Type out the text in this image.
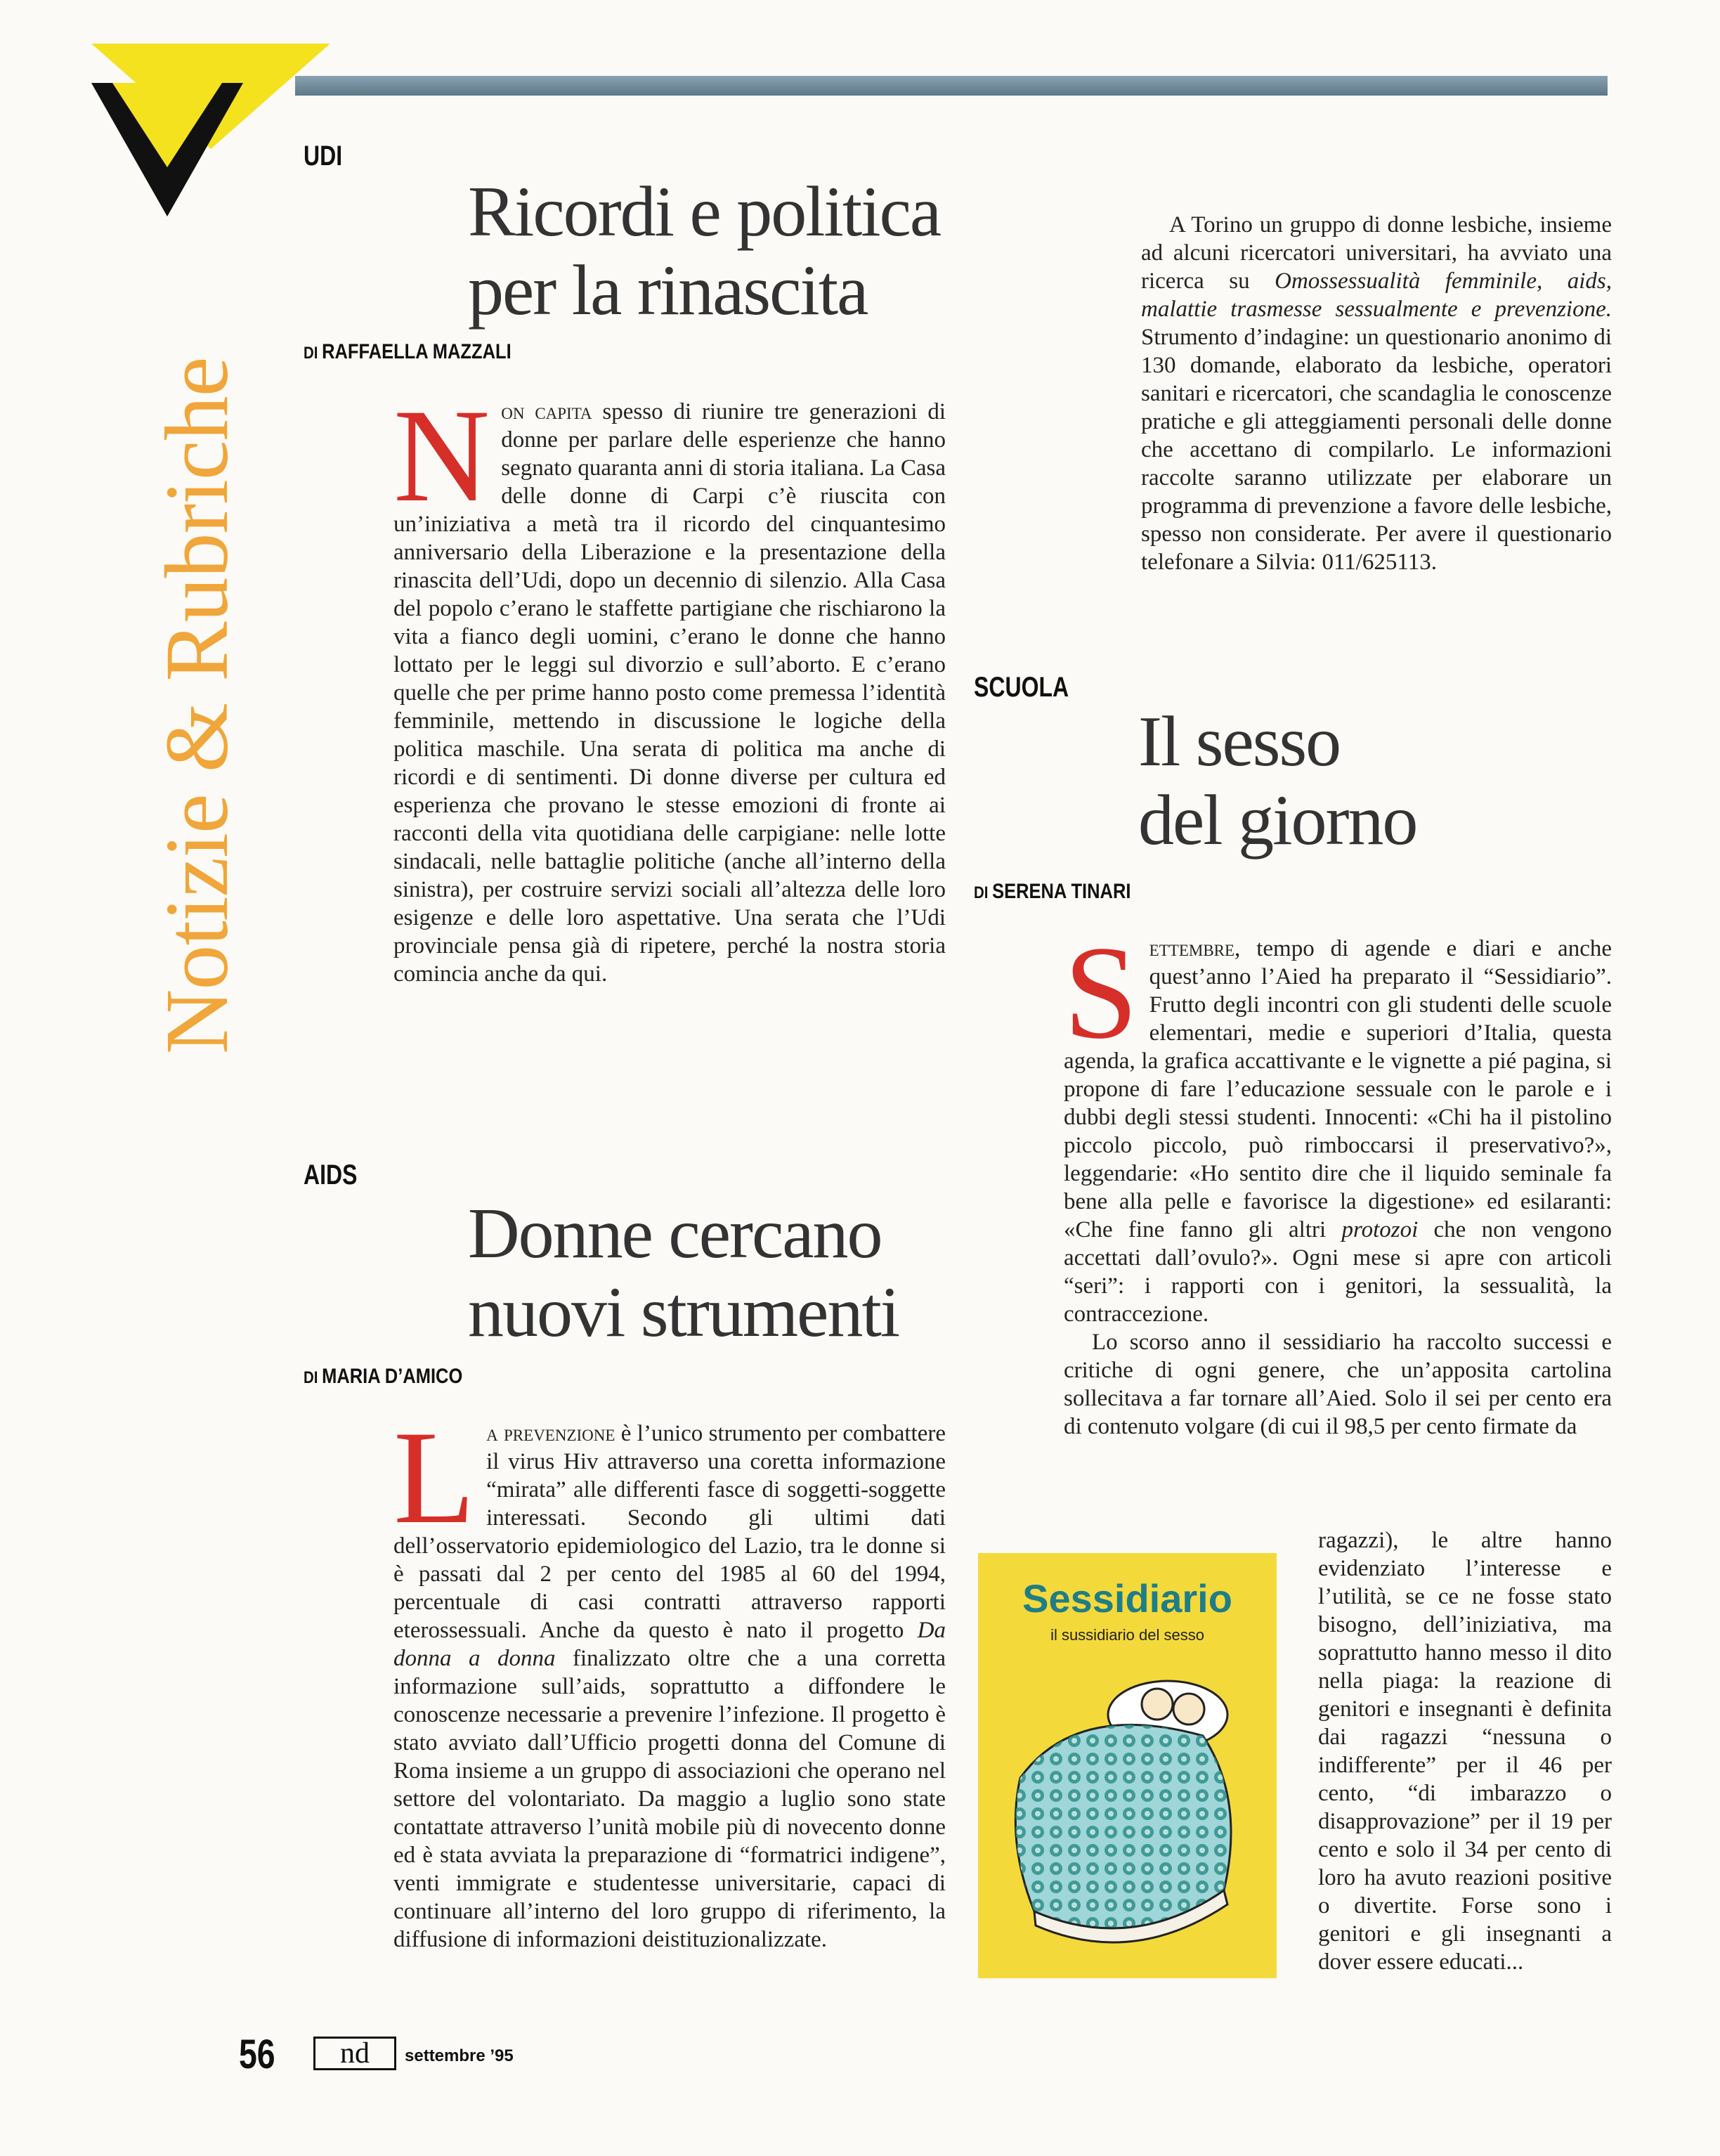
Notizie & Rubriche
UDI
Ricordi e politica
per la rinascita
DI RAFFAELLA MAZZALI

Non capita spesso di riunire tre generazioni di donne per parlare delle esperienze che hanno segnato quaranta anni di storia italiana. La Casa delle donne di Carpi c’è riuscita con un’iniziativa a metà tra il ricordo del cinquantesimo anniversario della Liberazione e la presentazione della rinascita dell’Udi, dopo un decennio di silenzio. Alla Casa del popolo c’erano le staffette partigiane che rischiarono la vita a fianco degli uomini, c’erano le donne che hanno lottato per le leggi sul divorzio e sull’aborto. E c’erano quelle che per prime hanno posto come premessa l’identità femminile, mettendo in discussione le logiche della politica maschile. Una serata di politica ma anche di ricordi e di sentimenti. Di donne diverse per cultura ed esperienza che provano le stesse emozioni di fronte ai racconti della vita quotidiana delle carpigiane: nelle lotte sindacali, nelle battaglie politiche (anche all’interno della sinistra), per costruire servizi sociali all’altezza delle loro esigenze e delle loro aspettative. Una serata che l’Udi provinciale pensa già di ripetere, perché la nostra storia comincia anche da qui.

AIDS
Donne cercano
nuovi strumenti
DI MARIA D’AMICO

La prevenzione è l’unico strumento per combattere il virus Hiv attraverso una coretta informazione “mirata” alle differenti fasce di soggetti-soggette interessati. Secondo gli ultimi dati dell’osservatorio epidemiologico del Lazio, tra le donne si è passati dal 2 per cento del 1985 al 60 del 1994, percentuale di casi contratti attraverso rapporti eterossessuali. Anche da questo è nato il progetto Da donna a donna finalizzato oltre che a una corretta informazione sull’aids, soprattutto a diffondere le conoscenze necessarie a prevenire l’infezione. Il progetto è stato avviato dall’Ufficio progetti donna del Comune di Roma insieme a un gruppo di associazioni che operano nel settore del volontariato. Da maggio a luglio sono state contattate attraverso l’unità mobile più di novecento donne ed è stata avviata la preparazione di “formatrici indigene”, venti immigrate e studentesse universitarie, capaci di continuare all’interno del loro gruppo di riferimento, la diffusione di informazioni deistituzionalizzate.

A Torino un gruppo di donne lesbiche, insieme ad alcuni ricercatori universitari, ha avviato una ricerca su Omossessualità femminile, aids, malattie trasmesse sessualmente e prevenzione. Strumento d’indagine: un questionario anonimo di 130 domande, elaborato da lesbiche, operatori sanitari e ricercatori, che scandaglia le conoscenze pratiche e gli atteggiamenti personali delle donne che accettano di compilarlo. Le informazioni raccolte saranno utilizzate per elaborare un programma di prevenzione a favore delle lesbiche, spesso non considerate. Per avere il questionario telefonare a Silvia: 011/625113.

SCUOLA
Il sesso
del giorno
DI SERENA TINARI

Settembre, tempo di agende e diari e anche quest’anno l’Aied ha preparato il “Sessidiario”. Frutto degli incontri con gli studenti delle scuole elementari, medie e superiori d’Italia, questa agenda, la grafica accattivante e le vignette a pié pagina, si propone di fare l’educazione sessuale con le parole e i dubbi degli stessi studenti. Innocenti: «Chi ha il pistolino piccolo piccolo, può rimboccarsi il preservativo?», leggendarie: «Ho sentito dire che il liquido seminale fa bene alla pelle e favorisce la digestione» ed esilaranti: «Che fine fanno gli altri protozoi che non vengono accettati dall’ovulo?». Ogni mese si apre con articoli “seri”: i rapporti con i genitori, la sessualità, la contraccezione.

Lo scorso anno il sessidiario ha raccolto successi e critiche di ogni genere, che un’apposita cartolina sollecitava a far tornare all’Aied. Solo il sei per cento era di contenuto volgare (di cui il 98,5 per cento firmate da

ragazzi), le altre hanno evidenziato l’interesse e l’utilità, se ce ne fosse stato bisogno, dell’iniziativa, ma soprattutto hanno messo il dito nella piaga: la reazione di genitori e insegnanti è definita dai ragazzi “nessuna o indifferente” per il 46 per cento, “di imbarazzo o disapprovazione” per il 19 per cento e solo il 34 per cento di loro ha avuto reazioni positive o divertite. Forse sono i genitori e gli insegnanti a dover essere educati...

Sessidiario
il sussidiario del sesso
56	nd	settembre ’95
